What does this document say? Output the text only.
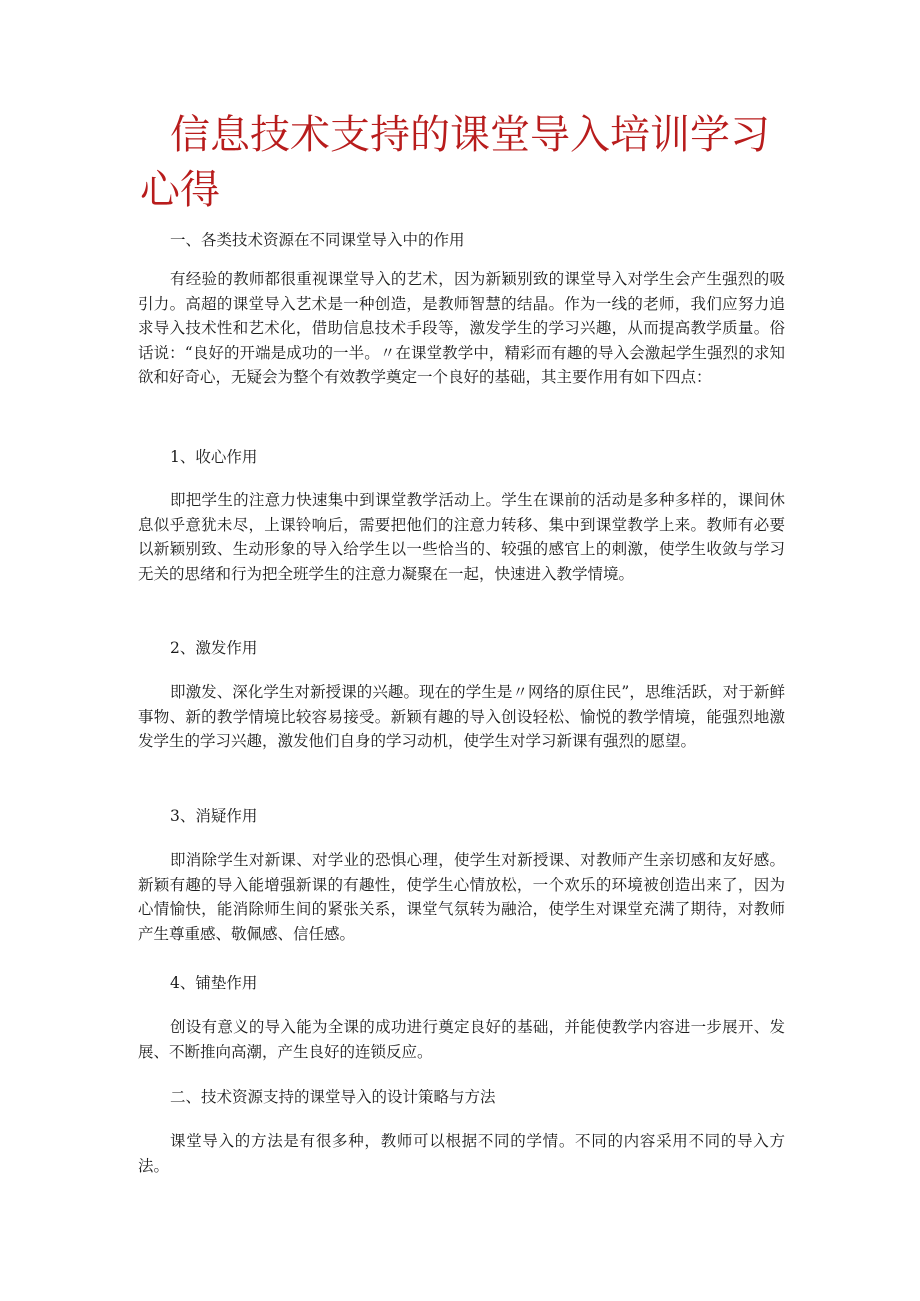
信息技术支持的课堂导入培训学习心得

一、各类技术资源在不同课堂导入中的作用

有经验的教师都很重视课堂导入的艺术，因为新颖别致的课堂导入对学生会产生强烈的吸引力。高超的课堂导入艺术是一种创造，是教师智慧的结晶。作为一线的老师，我们应努力追求导入技术性和艺术化，借助信息技术手段等，激发学生的学习兴趣，从而提高教学质量。俗话说：“良好的开端是成功的一半。〃在课堂教学中，精彩而有趣的导入会激起学生强烈的求知欲和好奇心，无疑会为整个有效教学奠定一个良好的基础，其主要作用有如下四点：

1、收心作用

即把学生的注意力快速集中到课堂教学活动上。学生在课前的活动是多种多样的，课间休息似乎意犹未尽，上课铃响后，需要把他们的注意力转移、集中到课堂教学上来。教师有必要以新颖别致、生动形象的导入给学生以一些恰当的、较强的感官上的刺激，使学生收敛与学习无关的思绪和行为把全班学生的注意力凝聚在一起，快速进入教学情境。

2、激发作用

即激发、深化学生对新授课的兴趣。现在的学生是〃网络的原住民”，思维活跃，对于新鲜事物、新的教学情境比较容易接受。新颖有趣的导入创设轻松、愉悦的教学情境，能强烈地激发学生的学习兴趣，激发他们自身的学习动机，使学生对学习新课有强烈的愿望。

3、消疑作用

即消除学生对新课、对学业的恐惧心理，使学生对新授课、对教师产生亲切感和友好感。新颖有趣的导入能增强新课的有趣性，使学生心情放松，一个欢乐的环境被创造出来了，因为心情愉快，能消除师生间的紧张关系，课堂气氛转为融洽，使学生对课堂充满了期待，对教师产生尊重感、敬佩感、信任感。

4、铺垫作用

创设有意义的导入能为全课的成功进行奠定良好的基础，并能使教学内容进一步展开、发展、不断推向高潮，产生良好的连锁反应。

二、技术资源支持的课堂导入的设计策略与方法

课堂导入的方法是有很多种，教师可以根据不同的学情。不同的内容采用不同的导入方法。
